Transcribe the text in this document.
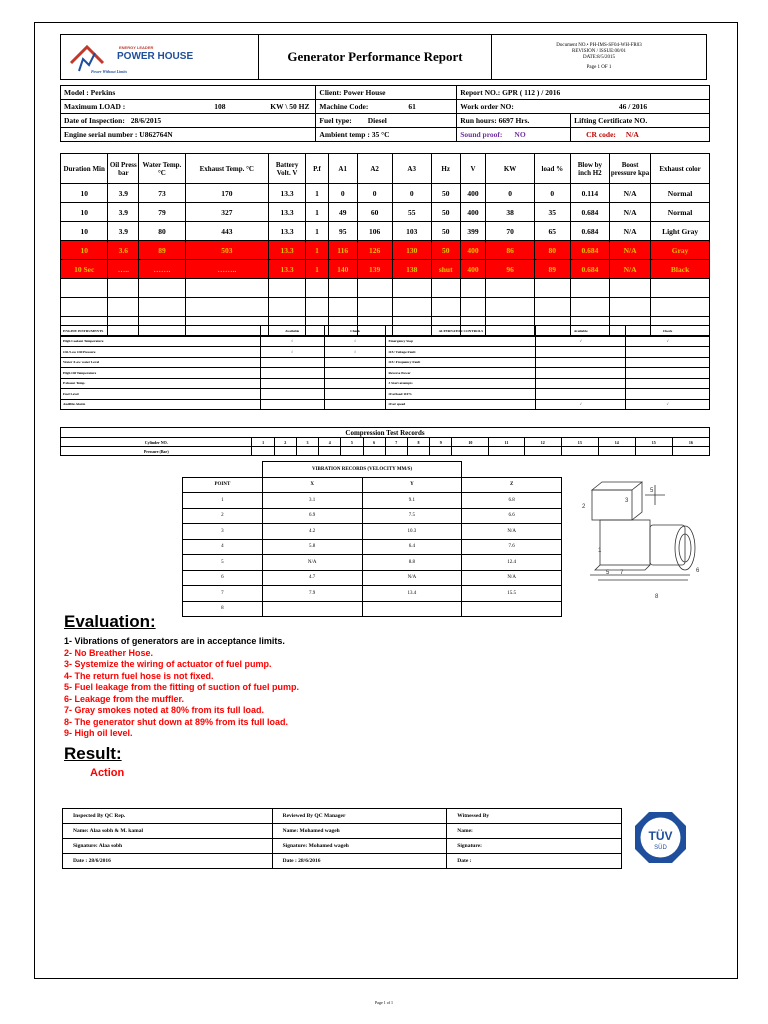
ENERGY LEADER
POWER HOUSE
Power Without Limits
	Generator Performance Report	
Document NO.• PH-IMS-SF04-WH-FR03
REVISION / ISSUE:00/01
DATE:8/5/2015
Page 1 OF 1
Model : Perkins	Client: Power House	Report NO.: GPR ( 112 ) / 2016	
Maximum LOAD : 108 KW \ 50 HZ	Machine Code: 61	Work order NO: 46 / 2016	
Date of Inspection: 28/6/2015	Fuel type: Diesel	Run hours: 6697 Hrs.	Lifting Certificate NO.
Engine serial number : U862764N	Ambient temp : 35 °C	Sound proof: NO	CR code: N/A
Duration Min	Oil Press bar	Water Temp. °C	Exhaust Temp. °C	Battery Volt. V	P.f	A1	A2	A3	Hz	V	KW	load %	Blow by inch H2	Boost pressure kpa	Exhaust color
10	3.9	73	170	13.3	1	0	0	0	50	400	0	0	0.114	N/A	Normal
10	3.9	79	327	13.3	1	49	60	55	50	400	38	35	0.684	N/A	Normal
10	3.9	80	443	13.3	1	95	106	103	50	399	70	65	0.684	N/A	Light Gray
10	3.6	89	503	13.3	1	116	126	130	50	400	86	80	0.684	N/A	Gray
10 Sec	…..	…….	……..	13.3	1	140	139	138	shut	400	96	89	0.684	N/A	Black

ENGINE INSTRUMENTS	Available	Check	ALTERNATOR CONTROLS	Available	Check
High Coolant Temperature	√	√	Emergency Stop	√	√
Oil /Low Oil Pressure	√	√	O/U Voltage Fault		
Water /Low water Level			O/U Frequency Fault		
High Oil Temperature			Reverse Power		
Exhaust Temp.			3 Start attempts		
Fuel Level			Overload 110%		
Audible Alarm			Over speed	√	√
Compression Test Records																
Cylinder NO.	1	2	3	4	5	6	7	8	9	10	11	12	13	14	15	16
Pressure (Bar)																
	VIBRATION RECORDS (VELOCITY MM/S)		
POINT	X	Y	Z
1	3.1	9.1	6.8
2	6.9	7.5	6.6
3	4.2	10.3	N/A
4	5.8	6.4	7.6
5	N/A	8.8	12.4
6	4.7	N/A	N/A
7	7.9	13.4	15.5
8			
2
1
5
5 7	6
8
3
Evaluation:

1- Vibrations of generators are in acceptance limits.

2- No Breather Hose.

3- Systemize the wiring of actuator of fuel pump.

4- The return fuel hose is not fixed.

5- Fuel leakage from the fitting of suction of fuel pump.

6- Leakage from the muffler.

7- Gray smokes noted at 80% from its full load.

8- The generator shut down at 89% from its full load.

9- High oil level.

Result:
Action
Inspected By QC Rep.	Reviewed By QC Manager	Witnessed By
Name: Alaa sobh & M. kamal	Name: Mohamed wageh	Name:
Signature: Alaa sobh	Signature: Mohamed wageh	Signature:
Date : 28/6/2016	Date : 28/6/2016	Date :
ISO 9001
TÜV
SÜD
Page 1 of 1
